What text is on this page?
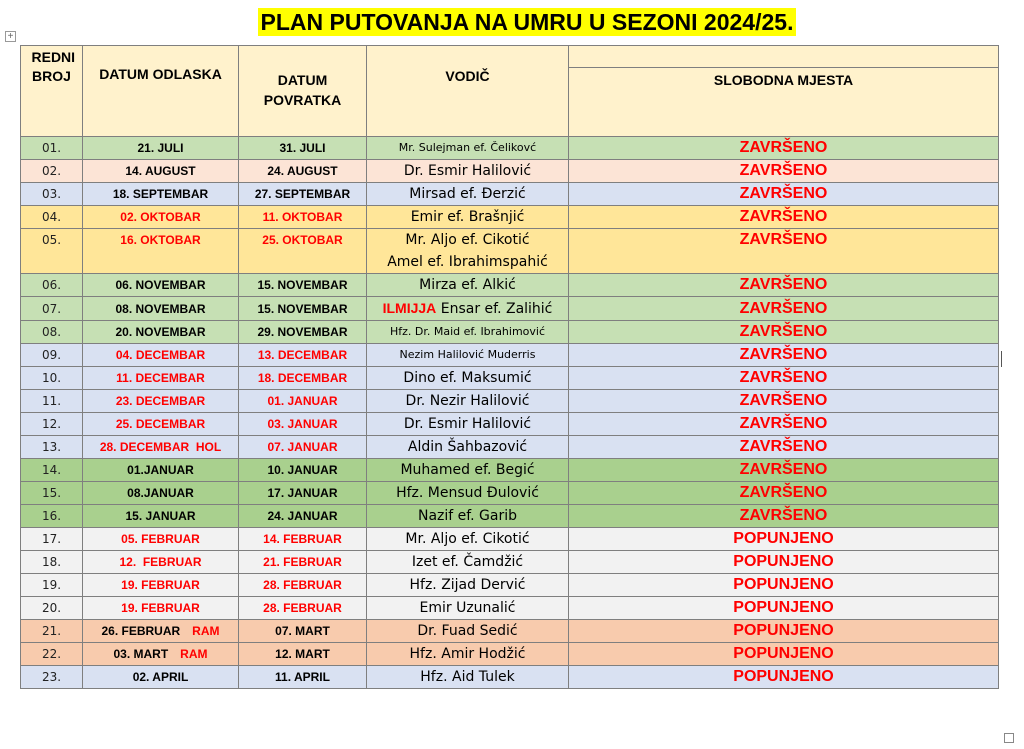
PLAN PUTOVANJA NA UMRU U SEZONI 2024/25.
+
REDNI BROJ	DATUM ODLASKA	DATUM POVRATKA	VODIČ	
				SLOBODNA MJESTA
01.	21. JULI	31. JULI	Mr. Sulejman ef. Čelikovć	ZAVRŠENO
02.	14. AUGUST	24. AUGUST	Dr. Esmir Halilović	ZAVRŠENO
03.	18. SEPTEMBAR	27. SEPTEMBAR	Mirsad ef. Đerzić	ZAVRŠENO
04.	02. OKTOBAR	11. OKTOBAR	Emir ef. Brašnjić	ZAVRŠENO
05.	16. OKTOBAR	25. OKTOBAR	Mr. Aljo ef. Cikotić
Amel ef. Ibrahimspahić	ZAVRŠENO
06.	06. NOVEMBAR	15. NOVEMBAR	Mirza ef. Alkić	ZAVRŠENO
07.	08. NOVEMBAR	15. NOVEMBAR	ILMIJJA Ensar ef. Zalihić	ZAVRŠENO
08.	20. NOVEMBAR	29. NOVEMBAR	Hfz. Dr. Maid ef. Ibrahimović	ZAVRŠENO
09.	04. DECEMBAR	13. DECEMBAR	Nezim Halilović Muderris	ZAVRŠENO
10.	11. DECEMBAR	18. DECEMBAR	Dino ef. Maksumić	ZAVRŠENO
11.	23. DECEMBAR	01. JANUAR	Dr. Nezir Halilović	ZAVRŠENO
12.	25. DECEMBAR	03. JANUAR	Dr. Esmir Halilović	ZAVRŠENO
13.	28. DECEMBAR  HOL	07. JANUAR	Aldin Šahbazović	ZAVRŠENO
14.	01.JANUAR	10. JANUAR	Muhamed ef. Begić	ZAVRŠENO
15.	08.JANUAR	17. JANUAR	Hfz. Mensud Đulović	ZAVRŠENO
16.	15. JANUAR	24. JANUAR	Nazif ef. Garib	ZAVRŠENO
17.	05. FEBRUAR	14. FEBRUAR	Mr. Aljo ef. Cikotić	POPUNJENO
18.	12.  FEBRUAR	21. FEBRUAR	Izet ef. Čamdžić	POPUNJENO
19.	19. FEBRUAR	28. FEBRUAR	Hfz. Zijad Dervić	POPUNJENO
20.	19. FEBRUAR	28. FEBRUAR	Emir Uzunalić	POPUNJENO
21.	26. FEBRUAR RAM	07. MART	Dr. Fuad Sedić	POPUNJENO
22.	03. MART RAM	12. MART	Hfz. Amir Hodžić	POPUNJENO
23.	02. APRIL	11. APRIL	Hfz. Aid Tulek	POPUNJENO
